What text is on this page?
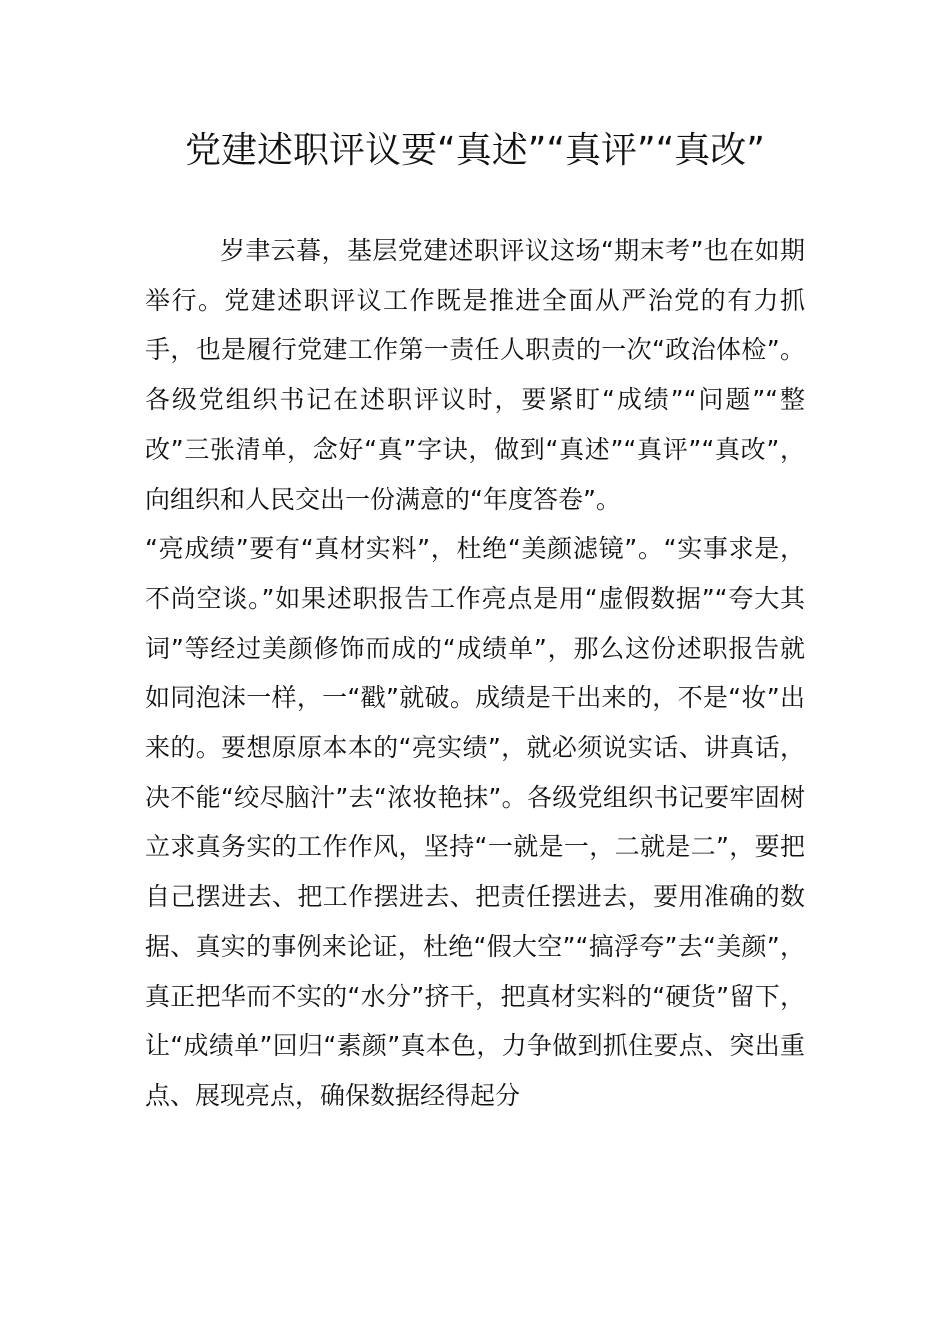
党建述职评议要“真述”“真评”“真改”

岁聿云暮，基层党建述职评议这场“期末考”也在如期举行。党建述职评议工作既是推进全面从严治党的有力抓手，也是履行党建工作第一责任人职责的一次“政治体检”。各级党组织书记在述职评议时，要紧盯“成绩”“问题”“整改”三张清单，念好“真”字诀，做到“真述”“真评”“真改”，向组织和人民交出一份满意的“年度答卷”。

“亮成绩”要有“真材实料”，杜绝“美颜滤镜”。“实事求是，不尚空谈。”如果述职报告工作亮点是用“虚假数据”“夸大其词”等经过美颜修饰而成的“成绩单”，那么这份述职报告就如同泡沫一样，一“戳”就破。成绩是干出来的，不是“妆”出来的。要想原原本本的“亮实绩”，就必须说实话、讲真话，决不能“绞尽脑汁”去“浓妆艳抹”。各级党组织书记要牢固树立求真务实的工作作风，坚持“一就是一，二就是二”，要把自己摆进去、把工作摆进去、把责任摆进去，要用准确的数据、真实的事例来论证，杜绝“假大空”“搞浮夸”去“美颜”，真正把华而不实的“水分”挤干，把真材实料的“硬货”留下，让“成绩单”回归“素颜”真本色，力争做到抓住要点、突出重点、展现亮点，确保数据经得起分
